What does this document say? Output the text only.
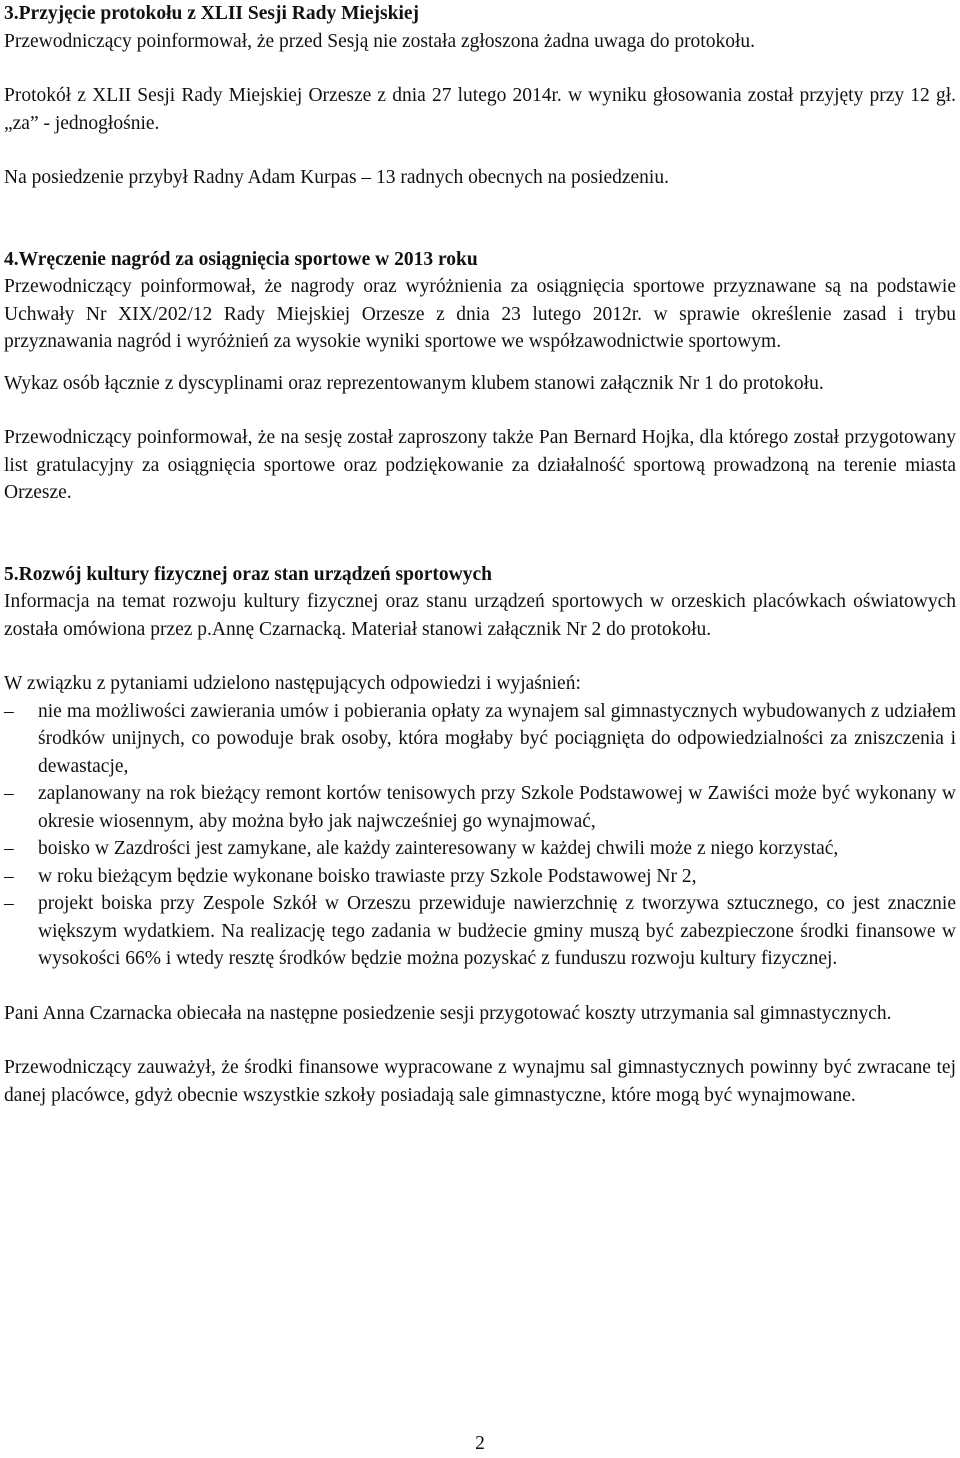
3.Przyjęcie protokołu z XLII Sesji Rady Miejskiej

Przewodniczący poinformował, że przed Sesją nie została zgłoszona żadna uwaga do protokołu.

Protokół z XLII Sesji Rady Miejskiej Orzesze z dnia 27 lutego 2014r. w wyniku głosowania został przyjęty przy 12 gł. „za” - jednogłośnie.

Na posiedzenie przybył Radny Adam Kurpas – 13 radnych obecnych na posiedzeniu.

4.Wręczenie nagród za osiągnięcia sportowe w 2013 roku

Przewodniczący poinformował, że nagrody oraz wyróżnienia za osiągnięcia sportowe przyznawane są na podstawie Uchwały Nr XIX/202/12 Rady Miejskiej Orzesze z dnia 23 lutego 2012r. w sprawie określenie zasad i trybu przyznawania nagród i wyróżnień za wysokie wyniki sportowe we współzawodnictwie sportowym.

Wykaz osób łącznie z dyscyplinami oraz reprezentowanym klubem stanowi załącznik Nr 1 do protokołu.

Przewodniczący poinformował, że na sesję został zaproszony także Pan Bernard Hojka, dla którego został przygotowany list gratulacyjny za osiągnięcia sportowe oraz podziękowanie za działalność sportową prowadzoną na terenie miasta Orzesze.

5.Rozwój kultury fizycznej oraz stan urządzeń sportowych

Informacja na temat rozwoju kultury fizycznej oraz stanu urządzeń sportowych w orzeskich placówkach oświatowych została omówiona przez p.Annę Czarnacką. Materiał stanowi załącznik Nr 2 do protokołu.

W związku z pytaniami udzielono następujących odpowiedzi i wyjaśnień:

– nie ma możliwości zawierania umów i pobierania opłaty za wynajem sal gimnastycznych wybudowanych z udziałem środków unijnych, co powoduje brak osoby, która mogłaby być pociągnięta do odpowiedzialności za zniszczenia i dewastacje,
– zaplanowany na rok bieżący remont kortów tenisowych przy Szkole Podstawowej w Zawiści może być wykonany w okresie wiosennym, aby można było jak najwcześniej go wynajmować,
– boisko w Zazdrości jest zamykane, ale każdy zainteresowany w każdej chwili może z niego korzystać,
– w roku bieżącym będzie wykonane boisko trawiaste przy Szkole Podstawowej Nr 2,
– projekt boiska przy Zespole Szkół w Orzeszu przewiduje nawierzchnię z tworzywa sztucznego, co jest znacznie większym wydatkiem. Na realizację tego zadania w budżecie gminy muszą być zabezpieczone środki finansowe w wysokości 66% i wtedy resztę środków będzie można pozyskać z funduszu rozwoju kultury fizycznej.

Pani Anna Czarnacka obiecała na następne posiedzenie sesji przygotować koszty utrzymania sal gimnastycznych.

Przewodniczący zauważył, że środki finansowe wypracowane z wynajmu sal gimnastycznych powinny być zwracane tej danej placówce, gdyż obecnie wszystkie szkoły posiadają sale gimnastyczne, które mogą być wynajmowane.

2
